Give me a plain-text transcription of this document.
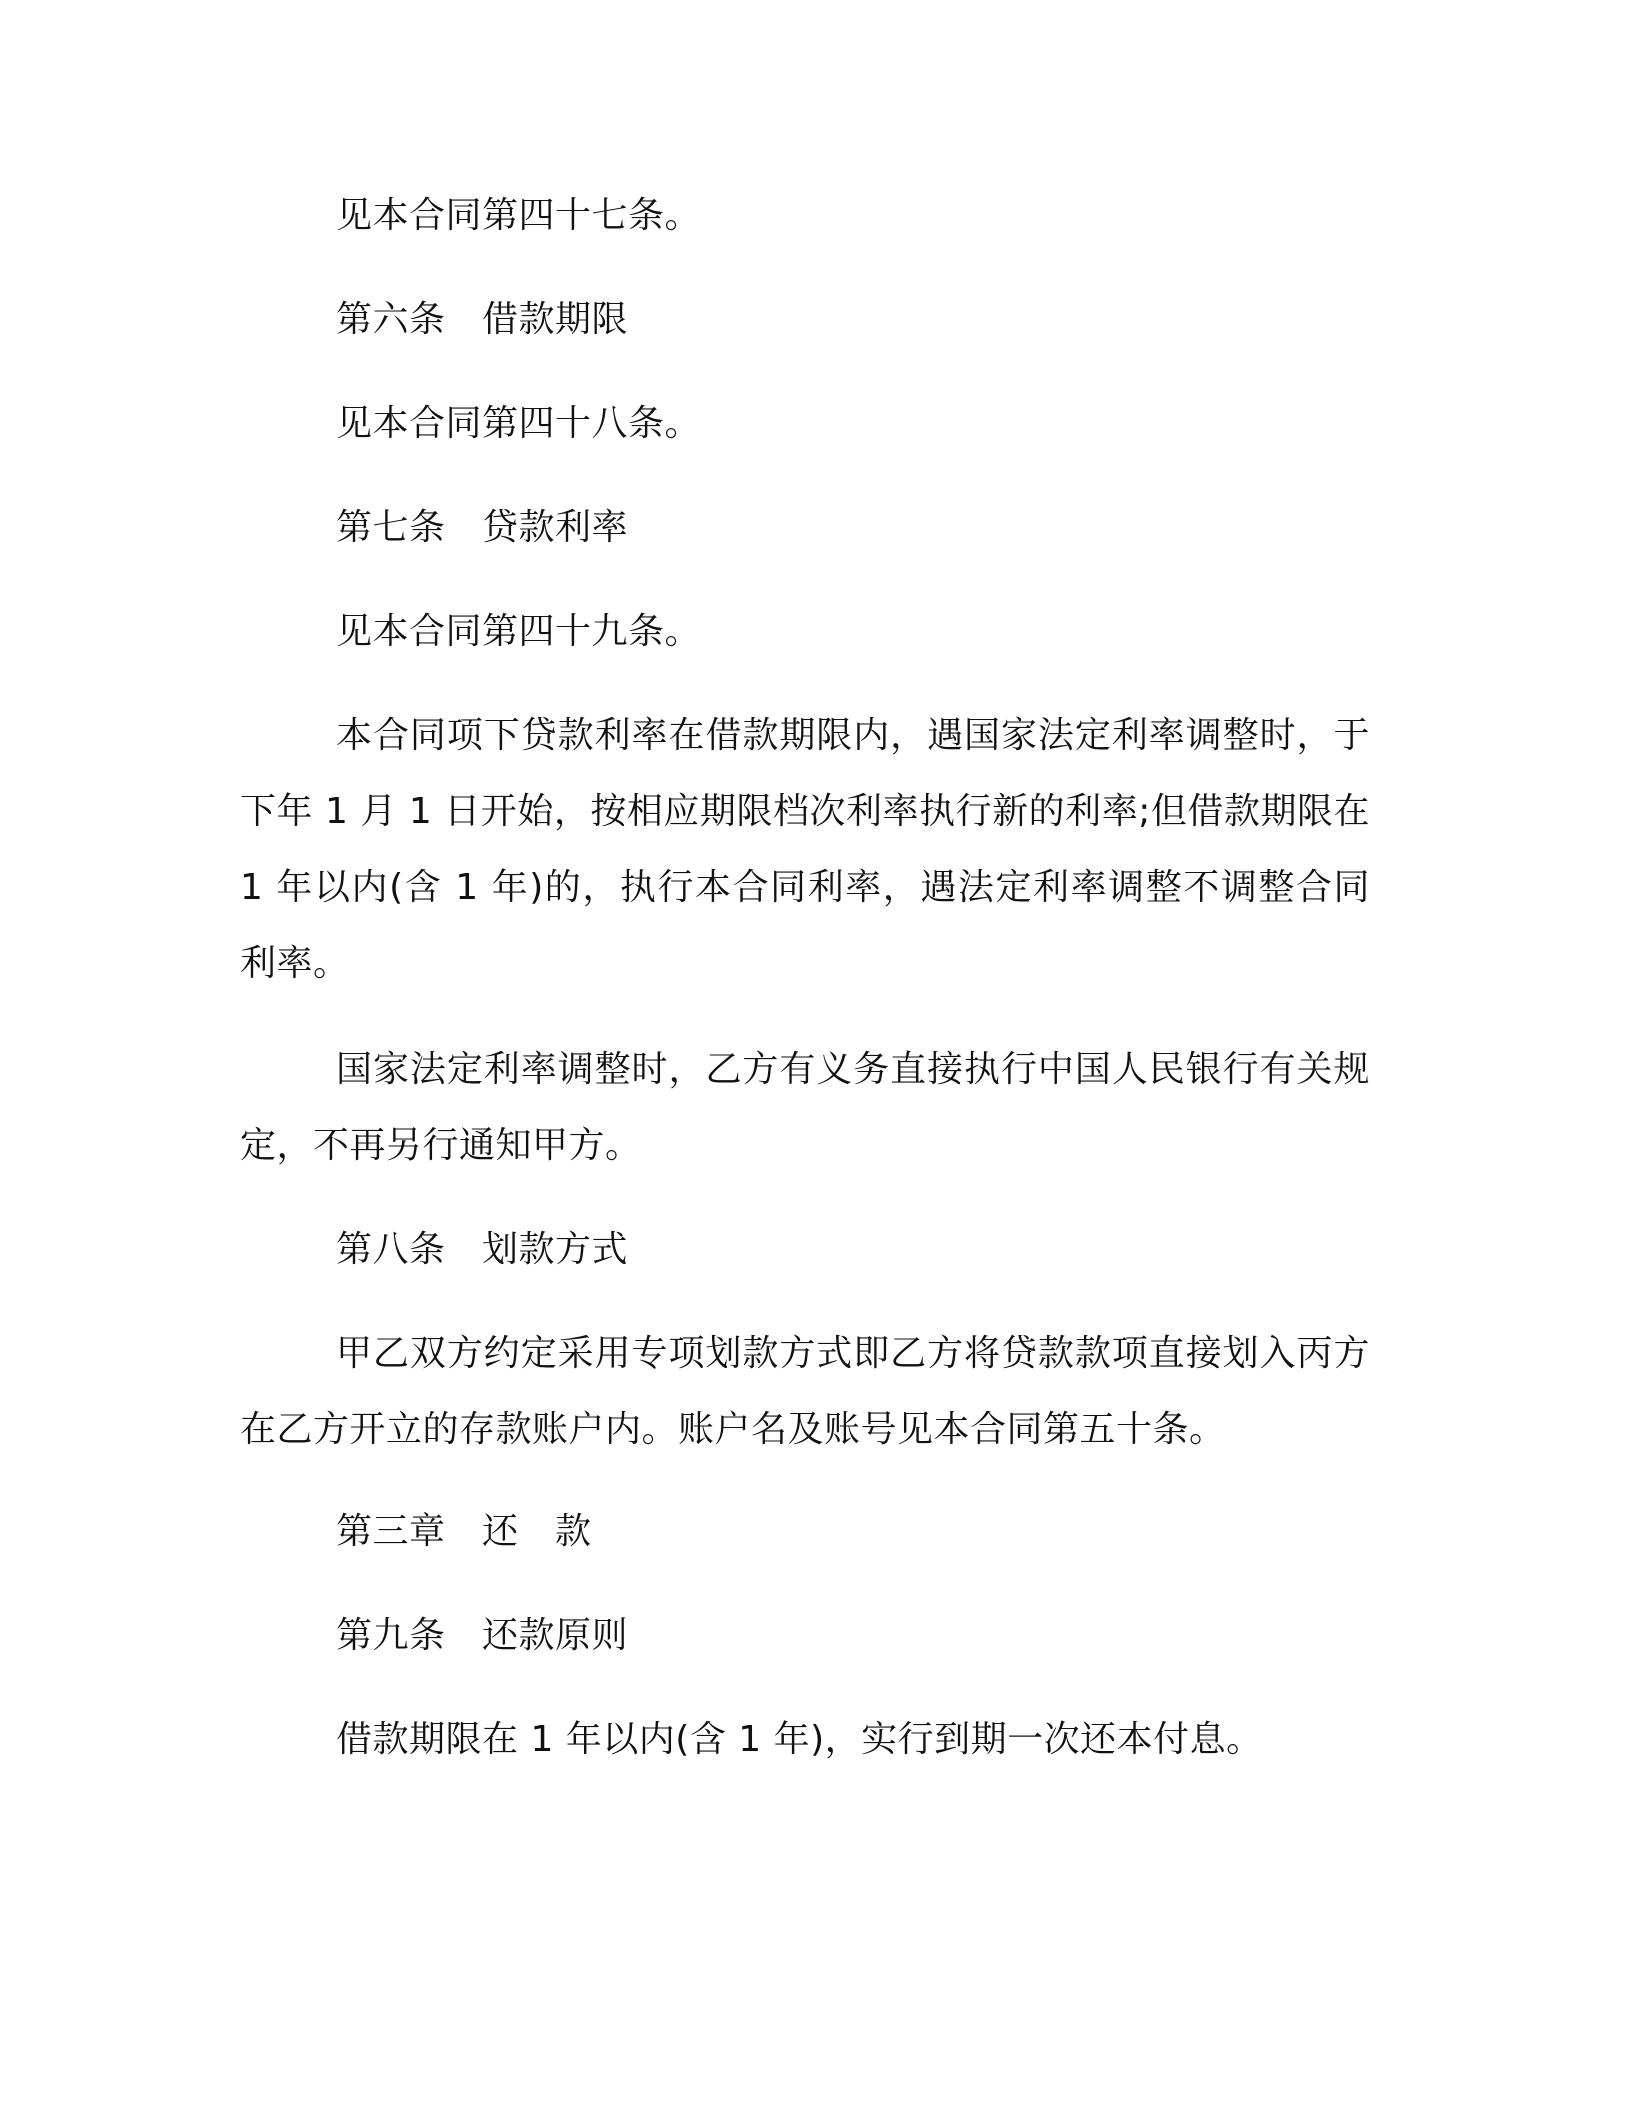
见本合同第四十七条。

第六条　借款期限

见本合同第四十八条。

第七条　贷款利率

见本合同第四十九条。

本合同项下贷款利率在借款期限内，遇国家法定利率调整时，于下年 1 月 1 日开始，按相应期限档次利率执行新的利率;但借款期限在 1 年以内(含 1 年)的，执行本合同利率，遇法定利率调整不调整合同利率。

国家法定利率调整时，乙方有义务直接执行中国人民银行有关规定，不再另行通知甲方。

第八条　划款方式

甲乙双方约定采用专项划款方式即乙方将贷款款项直接划入丙方在乙方开立的存款账户内。账户名及账号见本合同第五十条。

第三章　还　款

第九条　还款原则

借款期限在 1 年以内(含 1 年)，实行到期一次还本付息。
